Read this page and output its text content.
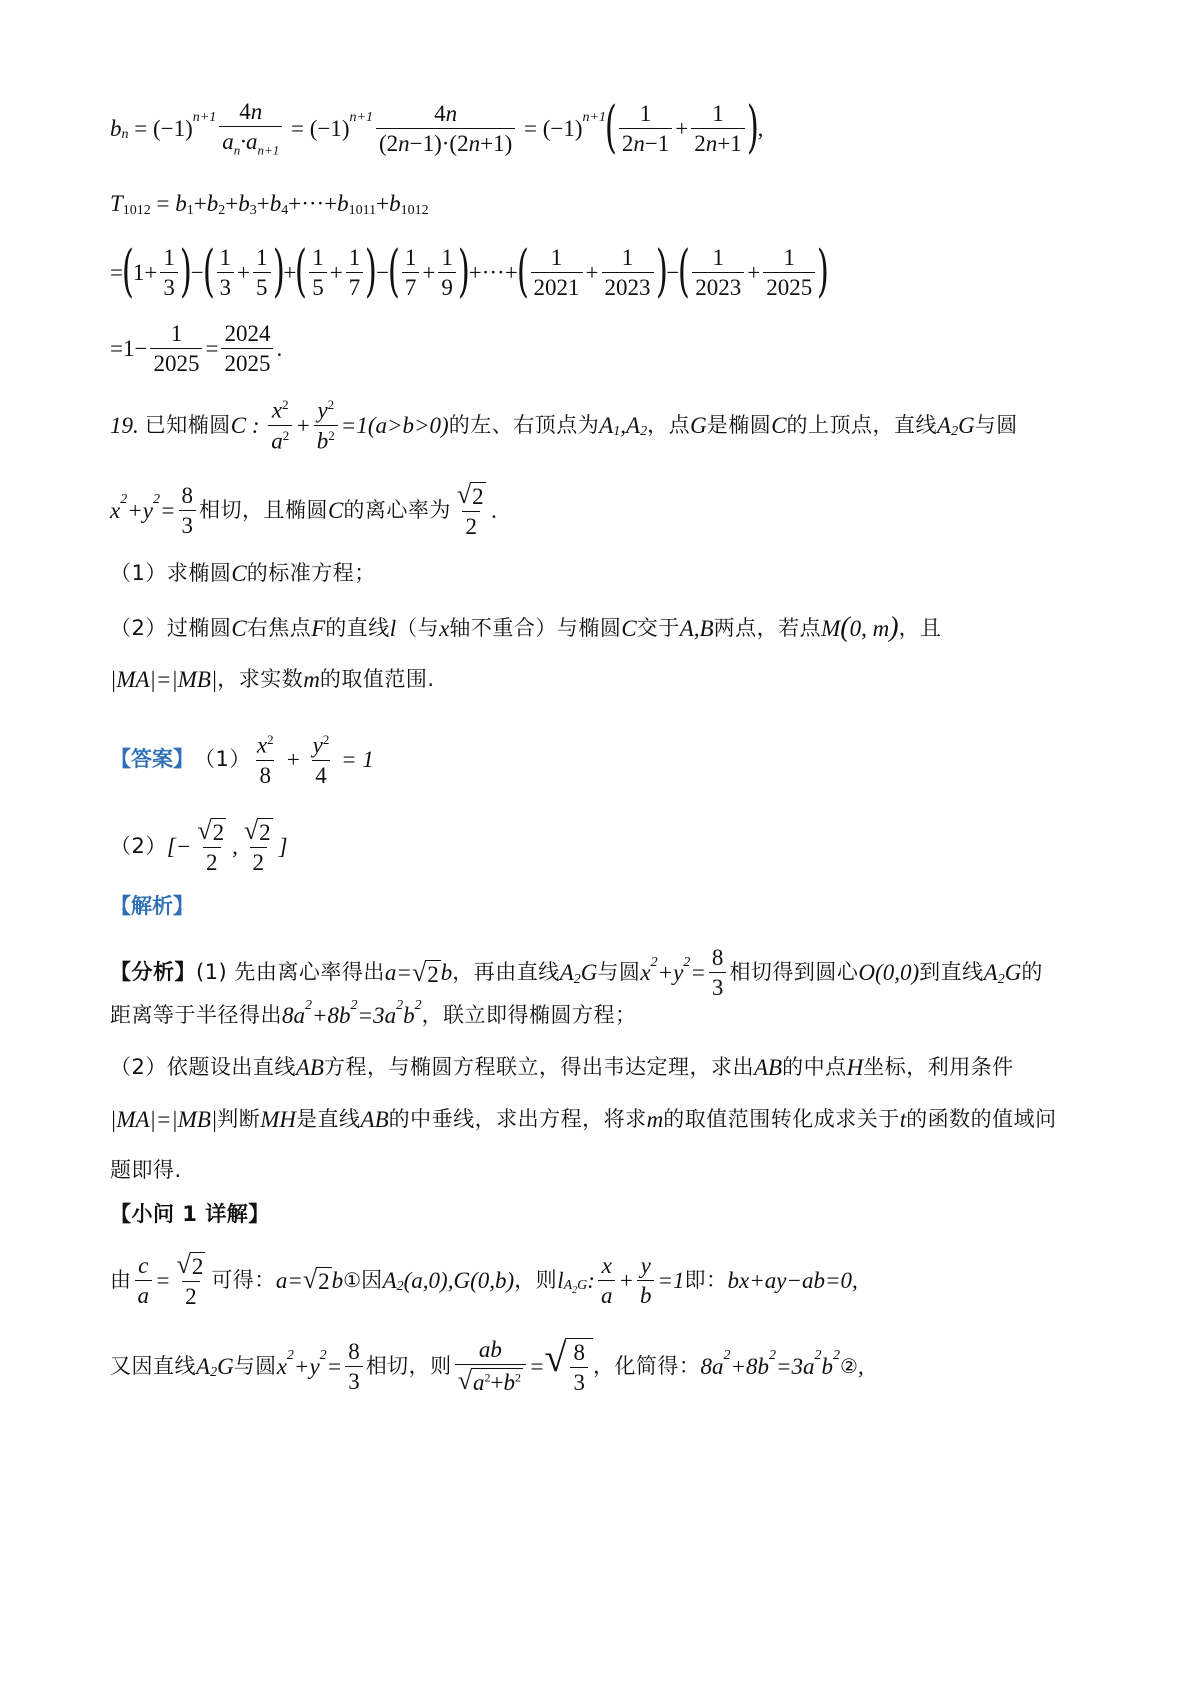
b n = (−1) $n+1 \frac{4n}{a_n\cdot a_{n+1}} = (-1)$ $n+1 \frac{4n}{(2n-1)\cdot(2n+1)} = (-1)$ n+1
( $\frac{1}{2n-1} + \frac{1}{2n+1}$ )
,
T 1012 = b 1 + b 2 + b 3 + b 4 +···+ b 1011 + b 1012
=
(
$1+ \frac{1}{3}$ )
−
( $\frac{1}{3} + \frac{1}{5}$ )
+
( $\frac{1}{5} + \frac{1}{7}$ )
−
( $\frac{1}{7} + \frac{1}{9}$ )
+···+
( $\frac{1}{2021} + \frac{1}{2023}$ )
−
( $\frac{1}{2023} + \frac{1}{2025}$ )
$=1- \frac{1}{2025} = \frac{2024}{2025}$ .
19. 已知椭圆 C : $\frac{x^2}{a^2} + \frac{y^2}{b^2} =1$( a > b >0) 的左、右顶点为 A 1 , A 2 ，点 G 是椭圆 C 的上顶点，直线 A 2 G 与圆
x 2 + y $2 = \frac{8}{3}$ 相切，且椭圆 C 的离心率为 $\frac{√ 2}{2}$ .
（1）求椭圆 C 的标准方程；
（2）过椭圆 C 右焦点 F 的直线 l （与 x 轴不重合）与椭圆 C 交于 A , B 两点，若点 M ( 0, m ) ，且
| MA |=| MB | ，求实数 m 的取值范围.
【答案】 $(1) \frac{x^2}{8} + \frac{y^2}{4} = 1$
（2） [− $\frac{√ 2}{2}$ , $\frac{√ 2}{2}$ ]
【解析】
【分析】 (1) 先由离心率得出 a = √ 2 b ，再由直线 A 2 G 与圆 x 2 + y $2 = \frac{8}{3}$ 相切得到圆心 O (0,0) 到直线 A 2 G 的
距离等于半径得出 8 a 2 +8 b 2 =3 a 2 b 2 ，联立即得椭圆方程；
（2）依题设出直线 AB 方程，与椭圆方程联立，得出韦达定理，求出 AB 的中点 H 坐标，利用条件
| MA |=| MB | 判断 MH 是直线 AB 的中垂线，求出方程，将求 m 的取值范围转化成求关于 t 的函数的值域问
题即得.
【小问 1 详解】
由 $\frac{c}{a} = \frac{√ 2}{2}$ 可得： a = √ 2 b ① 因 A 2 ( a ,0), G (0, b ) ，则 l $A_2G$ : $\frac{x}{a} + \frac{y}{b} =1$ 即： bx + ay − ab =0,
又因直线 A 2 G 与圆 x 2 + y $2 = \frac{8}{3}$ 相切，则 $\frac{ab}{√ a^2+b^2}$ = √ $\frac{8}{3}$ ，化简得： 8 a 2 +8 b 2 =3 a 2 b 2 ② ,
